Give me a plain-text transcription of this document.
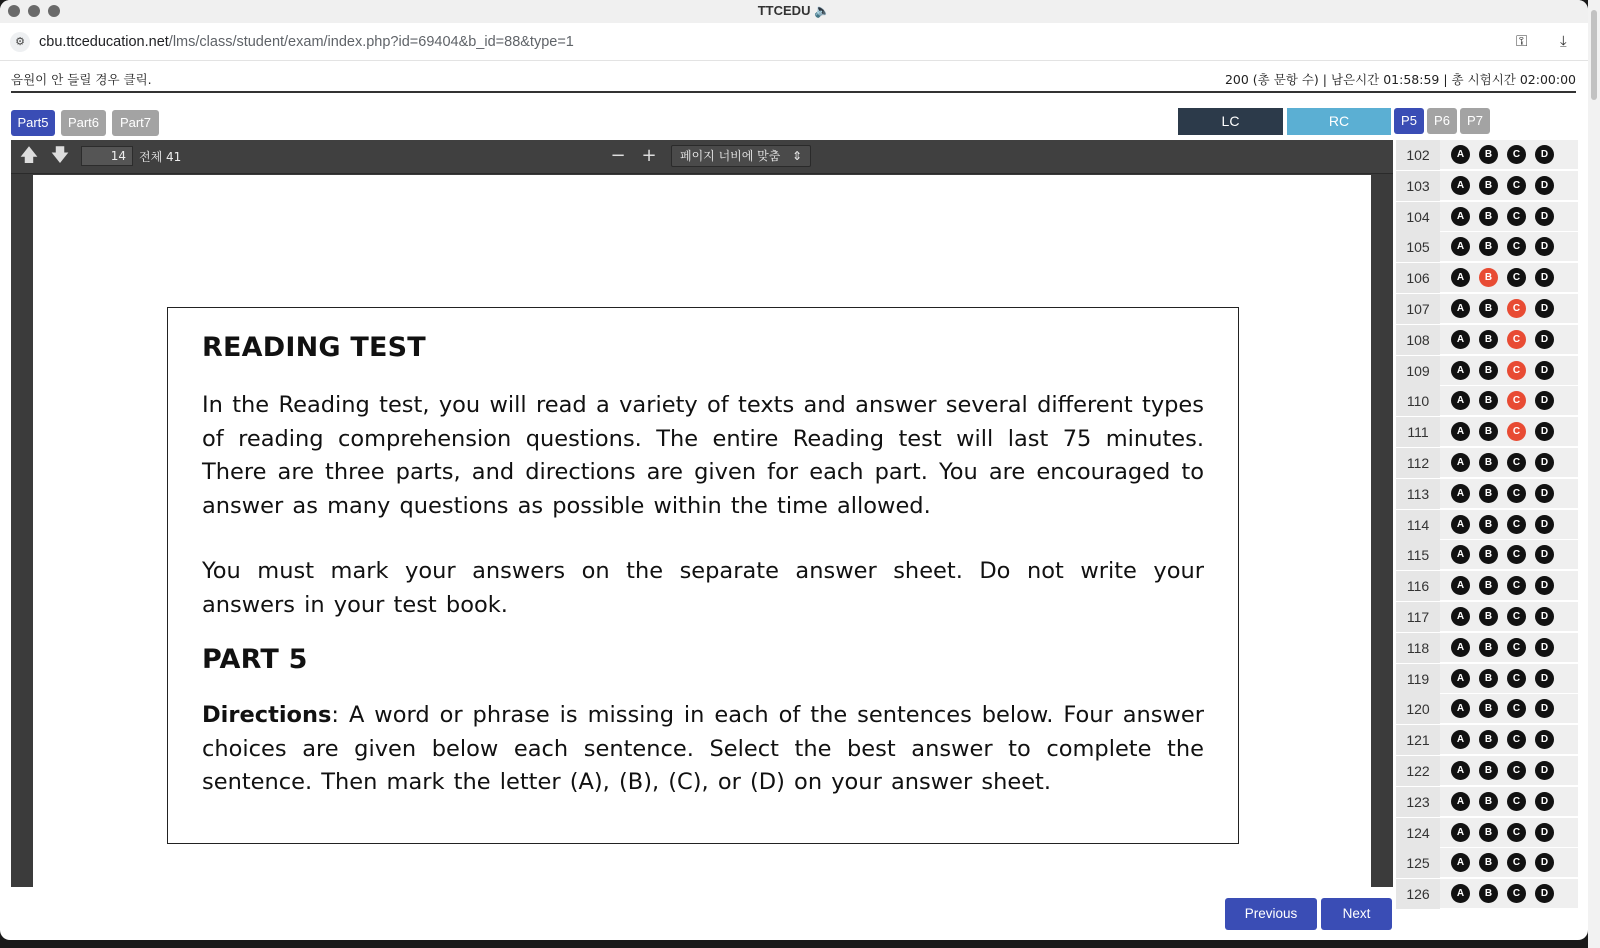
TTCEDU 🔈
⚙ cbu.ttceducation.net/lms/class/student/exam/index.php?id=69404&b_id=88&type=1	⚿ ⤓
음원이 안 들릴 경우 클릭.	200 (총 문항 수) | 남은시간 01:58:59 | 총 시험시간 02:00:00
Part5	Part6	Part7	LC	RC	P5	P6	P7
🡅 🡇	14	전체 41	− +	페이지 너비에 맞춤 ⇕
READING TEST
In the Reading test, you will read a variety of texts and answer several different types of reading comprehension questions. The entire Reading test will last 75 minutes. There are three parts, and directions are given for each part. You are encouraged to answer as many questions as possible within the time allowed.
You must mark your answers on the separate answer sheet. Do not write your answers in your test book.
PART 5
Directions: A word or phrase is missing in each of the sentences below. Four answer choices are given below each sentence. Select the best answer to complete the sentence. Then mark the letter (A), (B), (C), or (D) on your answer sheet.
102	A	B	C	D
103	A	B	C	D
104	A	B	C	D
105	A	B	C	D
106	A	B	C	D
107	A	B	C	D
108	A	B	C	D
109	A	B	C	D
110	A	B	C	D
111	A	B	C	D
112	A	B	C	D
113	A	B	C	D
114	A	B	C	D
115	A	B	C	D
116	A	B	C	D
117	A	B	C	D
118	A	B	C	D
119	A	B	C	D
120	A	B	C	D
121	A	B	C	D
122	A	B	C	D
123	A	B	C	D
124	A	B	C	D
125	A	B	C	D
126	A	B	C	D
Previous	Next
